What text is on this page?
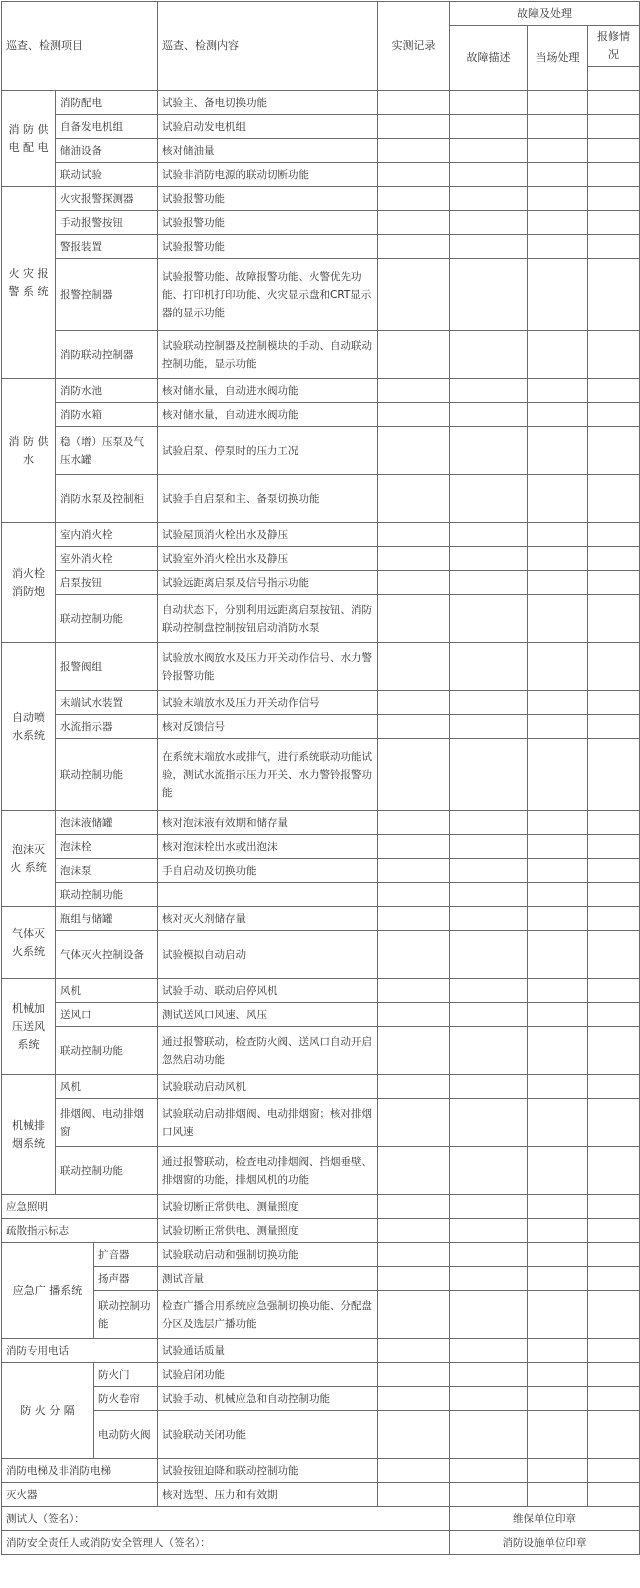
巡查、检测项目			巡查、检测内容	实测记录	故障及处理		
					故障描述	当场处理	报修情况

消 防 供 电 配 电	消防配电		试验主、备电切换功能				
	自备发电机组		试验启动发电机组				
	储油设备		核对储油量				
	联动试验		试验非消防电源的联动切断功能				
火 灾 报 警 系 统	火灾报警探测器		试验报警功能				
	手动报警按钮		试验报警功能				
	警报装置		试验报警功能				
	报警控制器		试验报警功能、故障报警功能、火警优先功能、打印机打印功能、火灾显示盘和CRT显示器的显示功能				
	消防联动控制器		试验联动控制器及控制模块的手动、自动联动控制功能，显示功能				
消 防 供 水	消防水池		核对储水量，自动进水阀功能				
	消防水箱		核对储水量，自动进水阀功能				
	稳（增）压泵及气压水罐		试验启泵、停泵时的压力工况				
	消防水泵及控制柜		试验手自启泵和主、备泵切换功能				
消火栓 消防炮	室内消火栓		试验屋顶消火栓出水及静压				
	室外消火栓		试验室外消火栓出水及静压				
	启泵按钮		试验远距离启泵及信号指示功能				
	联动控制功能		自动状态下，分别利用远距离启泵按钮、消防联动控制盘控制按钮启动消防水泵				
自动喷 水系统	报警阀组		试验放水阀放水及压力开关动作信号、水力警铃报警功能				
	末端试水装置		试验末端放水及压力开关动作信号				
	水流指示器		核对反馈信号				
	联动控制功能		在系统末端放水或排气，进行系统联动功能试验，测试水流指示压力开关、水力警铃报警功能				
泡沫灭 火 系统	泡沫液储罐		核对泡沫液有效期和储存量				
	泡沫栓		核对泡沫栓出水或出泡沫				
	泡沫泵		手自启动及切换功能				
	联动控制功能						
气体灭 火系统	瓶组与储罐		核对灭火剂储存量				
	气体灭火控制设备		试验模拟自动启动				
机械加 压送风 系统	风机		试验手动、联动启停风机				
	送风口		测试送风口风速、风压				
	联动控制功能		通过报警联动，检查防火阀、送风口自动开启忽然启动功能				
机械排 烟系统	风机		试验联动启动风机				
	排烟阀、电动排烟窗		试验联动启动排烟阀、电动排烟窗；核对排烟口风速				
	联动控制功能		通过报警联动，检查电动排烟阀、挡烟垂壁、排烟窗的功能，排烟风机的功能				
应急照明			试验切断正常供电、测量照度				
疏散指示标志			试验切断正常供电、测量照度				
应急广 播系统		扩音器	试验联动启动和强制切换功能				
		扬声器	测试音量				
		联动控制功能	检查广播合用系统应急强制切换功能、分配盘分区及选层广播功能				
消防专用电话			试验通话质量				
防 火 分 隔		防火门	试验启闭功能				
		防火卷帘	试验手动、机械应急和自动控制功能				
		电动防火阀	试验联动关闭功能				
消防电梯及非消防电梯			试验按钮迫降和联动控制功能				
灭火器			核对选型、压力和有效期				
测试人（签名）：					维保单位印章		
消防安全责任人或消防安全管理人（签名）：					消防设施单位印章		
